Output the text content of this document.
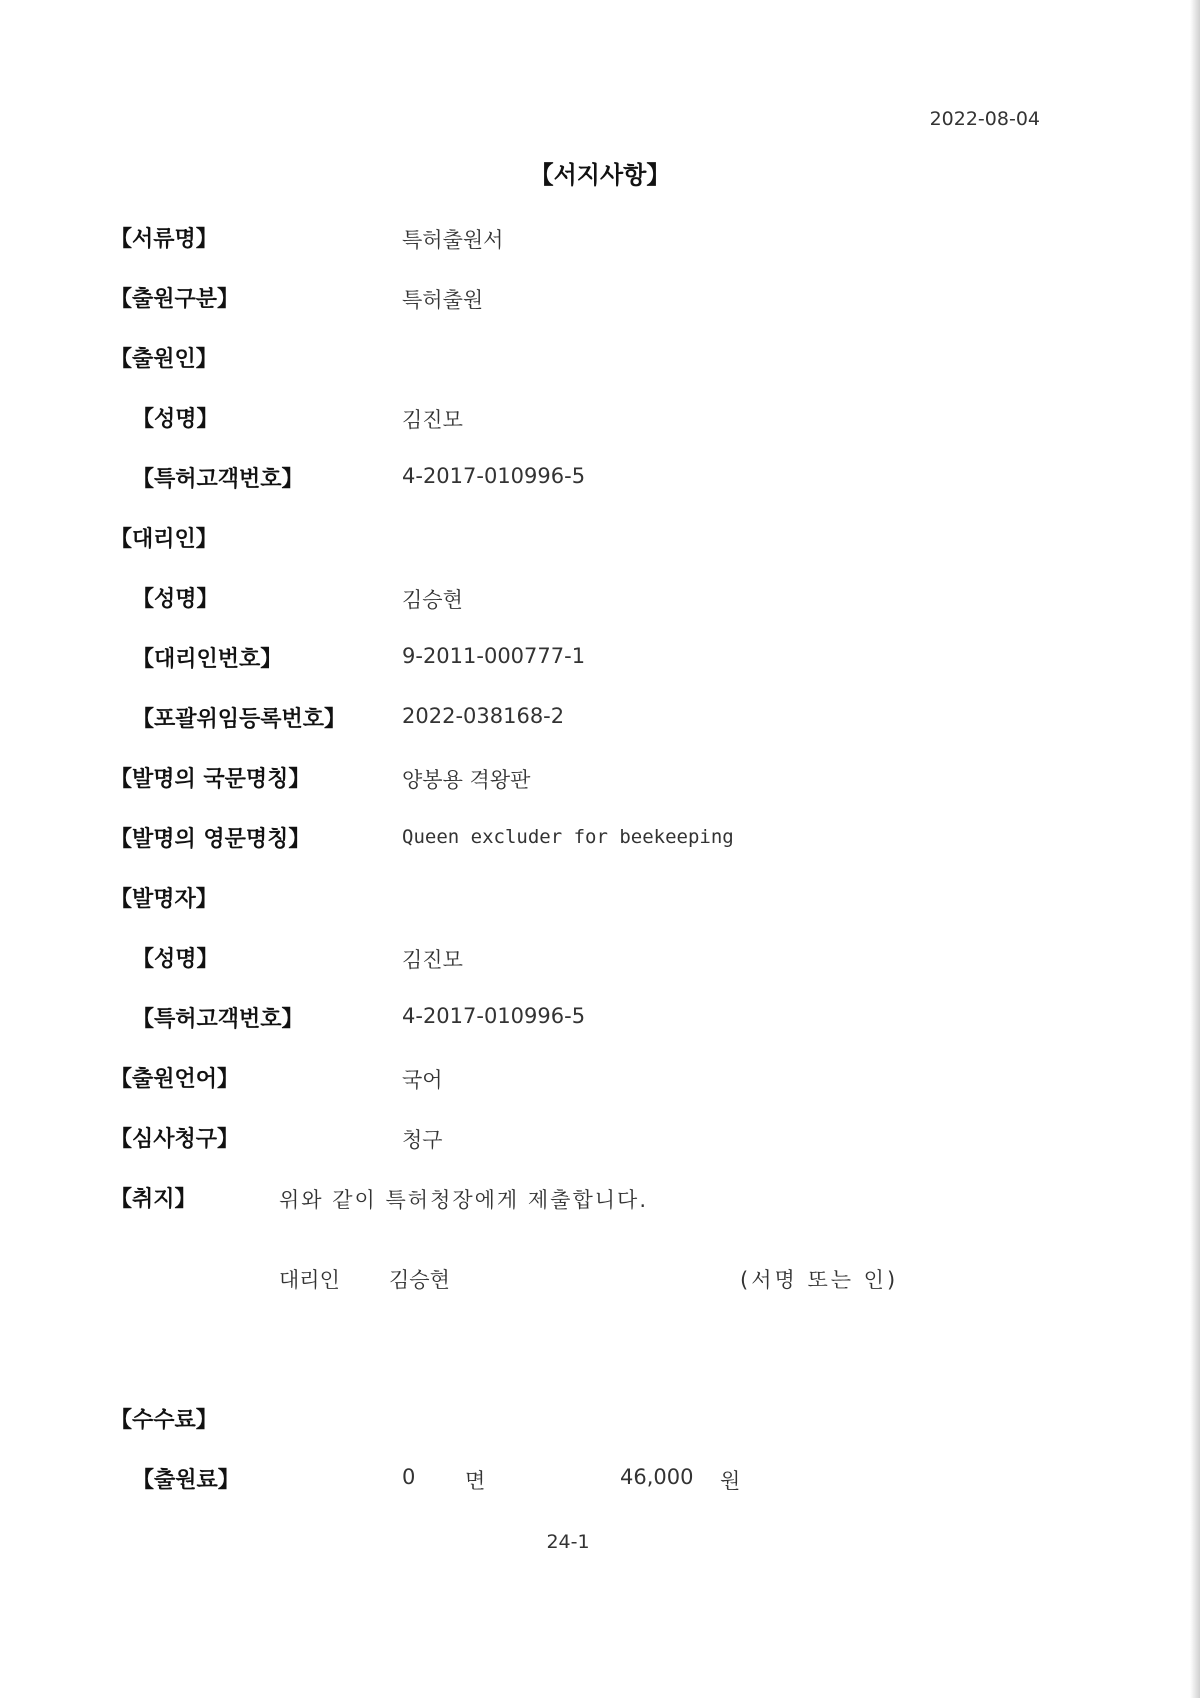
2022-08-04
【서지사항】
【서류명】	특허출원서
【출원구분】	특허출원
【출원인】
【성명】	김진모
【특허고객번호】	4-2017-010996-5
【대리인】
【성명】	김승현
【대리인번호】	9-2011-000777-1
【포괄위임등록번호】	2022-038168-2
【발명의 국문명칭】	양봉용 격왕판
【발명의 영문명칭】	Queen excluder for beekeeping
【발명자】
【성명】	김진모
【특허고객번호】	4-2017-010996-5
【출원언어】	국어
【심사청구】	청구
【취지】	위와 같이 특허청장에게 제출합니다.
대리인 김승현	(서명 또는 인)
【수수료】
【출원료】	0 면	46,000 원
24-1
